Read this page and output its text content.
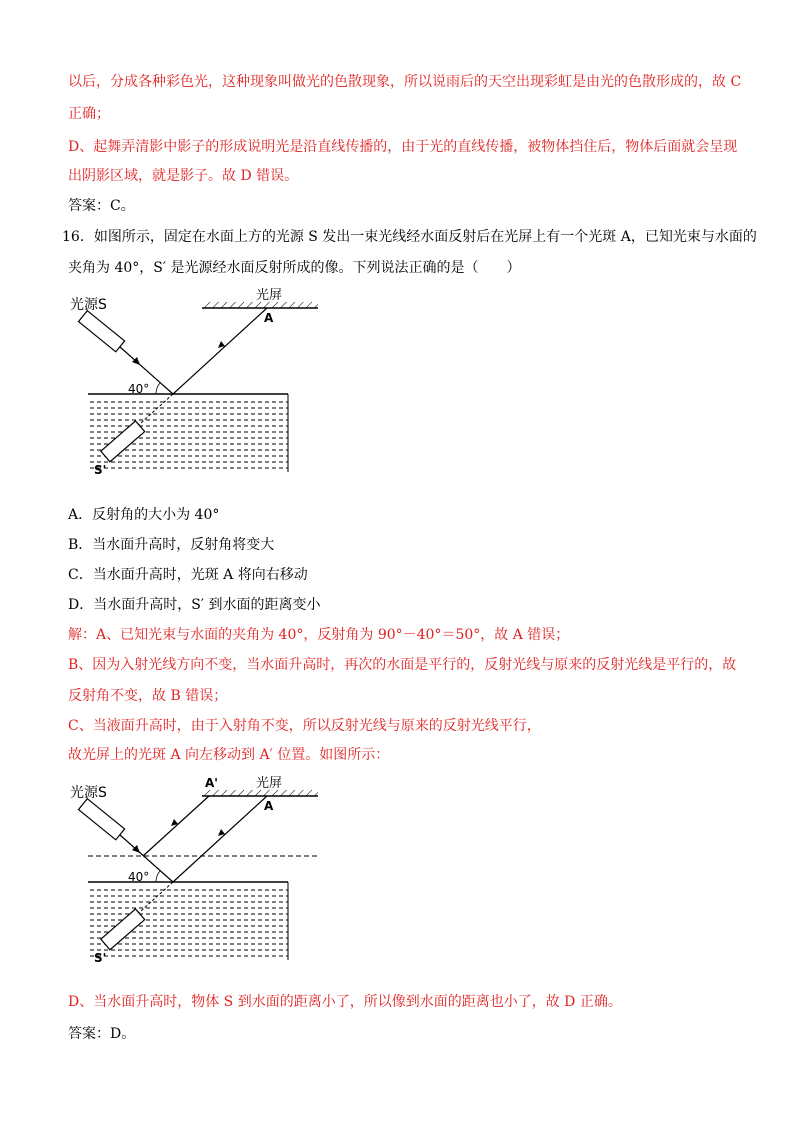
以后，分成各种彩色光，这种现象叫做光的色散现象，所以说雨后的天空出现彩虹是由光的色散形成的，故 C
正确；
D、起舞弄清影中影子的形成说明光是沿直线传播的，由于光的直线传播，被物体挡住后，物体后面就会呈现
出阴影区域，就是影子。故 D 错误。
答案：C。
16．如图所示，固定在水面上方的光源 S 发出一束光线经水面反射后在光屏上有一个光斑 A，已知光束与水面的
夹角为 40°，S′ 是光源经水面反射所成的像。下列说法正确的是（　　）
光屏
A
光源S
S'
40°
A．反射角的大小为 40°
B．当水面升高时，反射角将变大
C．当水面升高时，光斑 A 将向右移动
D．当水面升高时，S′ 到水面的距离变小
解：A、已知光束与水面的夹角为 40°，反射角为 90°－40°＝50°，故 A 错误；
B、因为入射光线方向不变，当水面升高时，再次的水面是平行的，反射光线与原来的反射光线是平行的，故
反射角不变，故 B 错误；
C、当液面升高时，由于入射角不变，所以反射光线与原来的反射光线平行，
故光屏上的光斑 A 向左移动到 A′ 位置。如图所示：
光屏
A'
A
光源S
S'
40°
D、当水面升高时，物体 S 到水面的距离小了，所以像到水面的距离也小了，故 D 正确。
答案：D。
